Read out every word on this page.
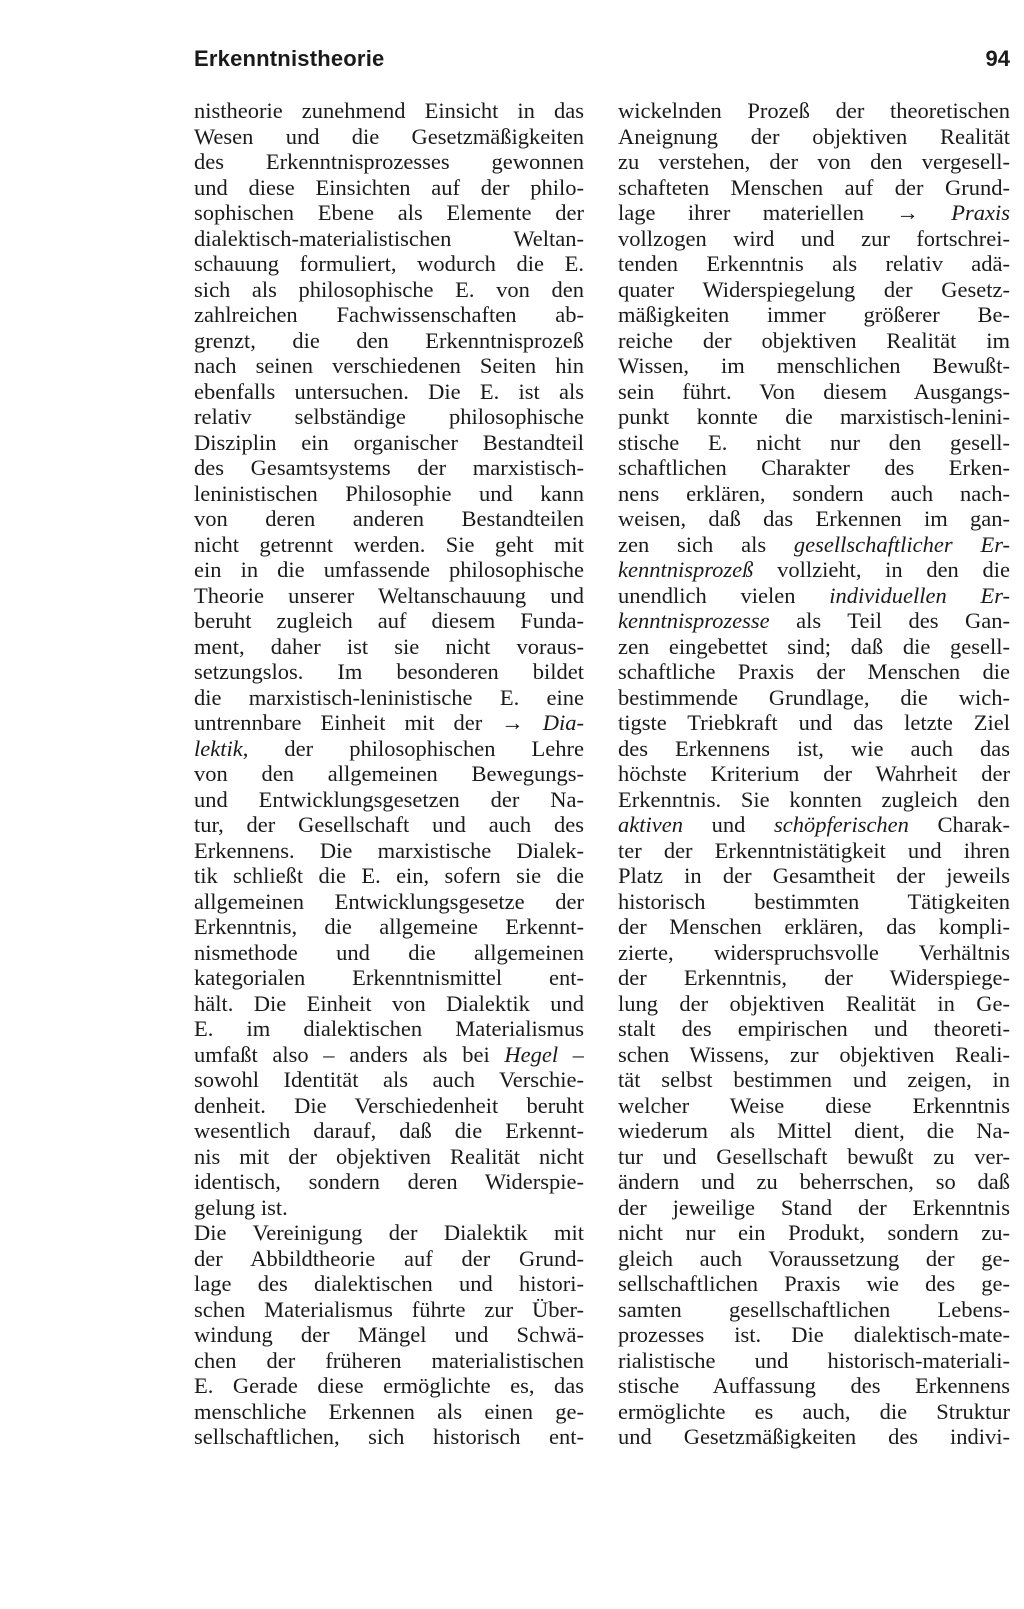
Erkenntnistheorie	94
nistheorie zunehmend Einsicht in das
Wesen und die Gesetzmäßigkeiten
des Erkenntnisprozesses gewonnen
und diese Einsichten auf der philo-
sophischen Ebene als Elemente der
dialektisch-materialistischen Weltan-
schauung formuliert, wodurch die E.
sich als philosophische E. von den
zahlreichen Fachwissenschaften ab-
grenzt, die den Erkenntnisprozeß
nach seinen verschiedenen Seiten hin
ebenfalls untersuchen. Die E. ist als
relativ selbständige philosophische
Disziplin ein organischer Bestandteil
des Gesamtsystems der marxistisch-
leninistischen Philosophie und kann
von deren anderen Bestandteilen
nicht getrennt werden. Sie geht mit
ein in die umfassende philosophische
Theorie unserer Weltanschauung und
beruht zugleich auf diesem Funda-
ment, daher ist sie nicht voraus-
setzungslos. Im besonderen bildet
die marxistisch-leninistische E. eine
untrennbare Einheit mit der → Dia-
lektik, der philosophischen Lehre
von den allgemeinen Bewegungs-
und Entwicklungsgesetzen der Na-
tur, der Gesellschaft und auch des
Erkennens. Die marxistische Dialek-
tik schließt die E. ein, sofern sie die
allgemeinen Entwicklungsgesetze der
Erkenntnis, die allgemeine Erkennt-
nismethode und die allgemeinen
kategorialen Erkenntnismittel ent-
hält. Die Einheit von Dialektik und
E. im dialektischen Materialismus
umfaßt also – anders als bei Hegel –
sowohl Identität als auch Verschie-
denheit. Die Verschiedenheit beruht
wesentlich darauf, daß die Erkennt-
nis mit der objektiven Realität nicht
identisch, sondern deren Widerspie-
gelung ist.
Die Vereinigung der Dialektik mit
der Abbildtheorie auf der Grund-
lage des dialektischen und histori-
schen Materialismus führte zur Über-
windung der Mängel und Schwä-
chen der früheren materialistischen
E. Gerade diese ermöglichte es, das
menschliche Erkennen als einen ge-
sellschaftlichen, sich historisch ent-
wickelnden Prozeß der theoretischen
Aneignung der objektiven Realität
zu verstehen, der von den vergesell-
schafteten Menschen auf der Grund-
lage ihrer materiellen → Praxis
vollzogen wird und zur fortschrei-
tenden Erkenntnis als relativ adä-
quater Widerspiegelung der Gesetz-
mäßigkeiten immer größerer Be-
reiche der objektiven Realität im
Wissen, im menschlichen Bewußt-
sein führt. Von diesem Ausgangs-
punkt konnte die marxistisch-lenini-
stische E. nicht nur den gesell-
schaftlichen Charakter des Erken-
nens erklären, sondern auch nach-
weisen, daß das Erkennen im gan-
zen sich als gesellschaftlicher Er-
kenntnisprozeß vollzieht, in den die
unendlich vielen individuellen Er-
kenntnisprozesse als Teil des Gan-
zen eingebettet sind; daß die gesell-
schaftliche Praxis der Menschen die
bestimmende Grundlage, die wich-
tigste Triebkraft und das letzte Ziel
des Erkennens ist, wie auch das
höchste Kriterium der Wahrheit der
Erkenntnis. Sie konnten zugleich den
aktiven und schöpferischen Charak-
ter der Erkenntnistätigkeit und ihren
Platz in der Gesamtheit der jeweils
historisch bestimmten Tätigkeiten
der Menschen erklären, das kompli-
zierte, widerspruchsvolle Verhältnis
der Erkenntnis, der Widerspiege-
lung der objektiven Realität in Ge-
stalt des empirischen und theoreti-
schen Wissens, zur objektiven Reali-
tät selbst bestimmen und zeigen, in
welcher Weise diese Erkenntnis
wiederum als Mittel dient, die Na-
tur und Gesellschaft bewußt zu ver-
ändern und zu beherrschen, so daß
der jeweilige Stand der Erkenntnis
nicht nur ein Produkt, sondern zu-
gleich auch Voraussetzung der ge-
sellschaftlichen Praxis wie des ge-
samten gesellschaftlichen Lebens-
prozesses ist. Die dialektisch-mate-
rialistische und historisch-materiali-
stische Auffassung des Erkennens
ermöglichte es auch, die Struktur
und Gesetzmäßigkeiten des indivi-
